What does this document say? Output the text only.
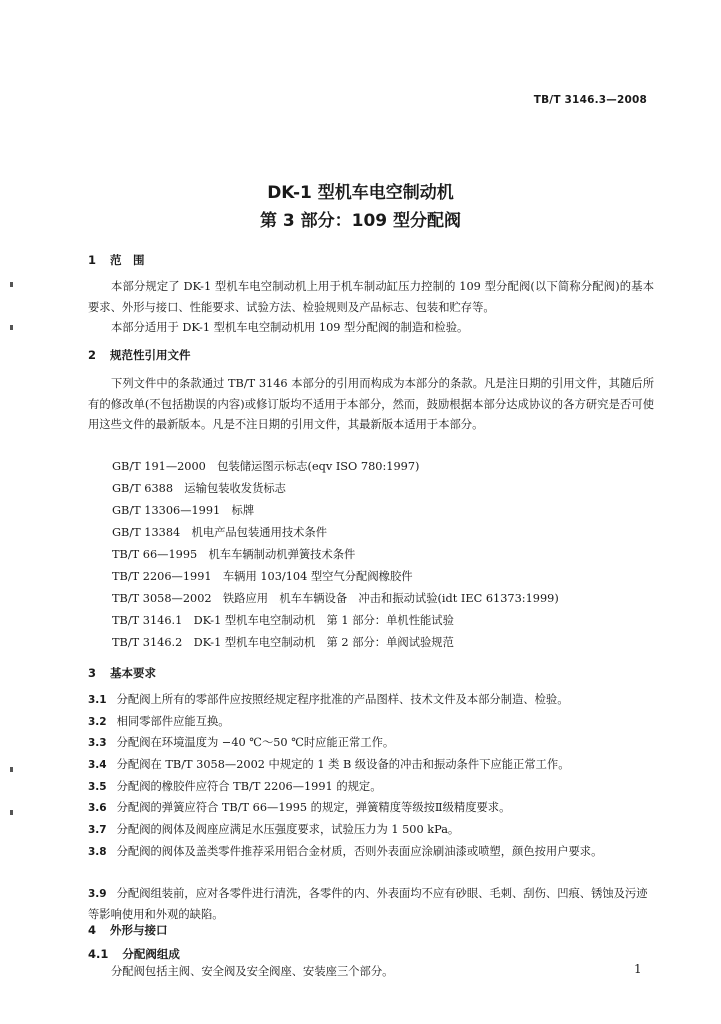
TB/T 3146.3—2008
DK-1 型机车电空制动机
第 3 部分：109 型分配阀
1 范　围
本部分规定了 DK-1 型机车电空制动机上用于机车制动缸压力控制的 109 型分配阀(以下简称分配阀)的基本要求、外形与接口、性能要求、试验方法、检验规则及产品标志、包装和贮存等。
本部分适用于 DK-1 型机车电空制动机用 109 型分配阀的制造和检验。
2 规范性引用文件
下列文件中的条款通过 TB/T 3146 本部分的引用而构成为本部分的条款。凡是注日期的引用文件，其随后所有的修改单(不包括勘误的内容)或修订版均不适用于本部分，然而，鼓励根据本部分达成协议的各方研究是否可使用这些文件的最新版本。凡是不注日期的引用文件，其最新版本适用于本部分。
GB/T 191—2000　包装储运图示标志(eqv ISO 780:1997)
GB/T 6388　运输包装收发货标志
GB/T 13306—1991　标牌
GB/T 13384　机电产品包装通用技术条件
TB/T 66—1995　机车车辆制动机弹簧技术条件
TB/T 2206—1991　车辆用 103/104 型空气分配阀橡胶件
TB/T 3058—2002　铁路应用　机车车辆设备　冲击和振动试验(idt IEC 61373:1999)
TB/T 3146.1　DK-1 型机车电空制动机　第 1 部分：单机性能试验
TB/T 3146.2　DK-1 型机车电空制动机　第 2 部分：单阀试验规范
3 基本要求
3.1 分配阀上所有的零部件应按照经规定程序批准的产品图样、技术文件及本部分制造、检验。
3.2 相同零部件应能互换。
3.3 分配阀在环境温度为 −40 ℃～50 ℃时应能正常工作。
3.4 分配阀在 TB/T 3058—2002 中规定的 1 类 B 级设备的冲击和振动条件下应能正常工作。
3.5 分配阀的橡胶件应符合 TB/T 2206—1991 的规定。
3.6 分配阀的弹簧应符合 TB/T 66—1995 的规定，弹簧精度等级按Ⅱ级精度要求。
3.7 分配阀的阀体及阀座应满足水压强度要求，试验压力为 1 500 kPa。
3.8 分配阀的阀体及盖类零件推荐采用铝合金材质，否则外表面应涂刷油漆或喷塑，颜色按用户要求。
3.9 分配阀组装前，应对各零件进行清洗，各零件的内、外表面均不应有砂眼、毛刺、刮伤、凹痕、锈蚀及污迹等影响使用和外观的缺陷。
4 外形与接口
4.1 分配阀组成
分配阀包括主阀、安全阀及安全阀座、安装座三个部分。	1
